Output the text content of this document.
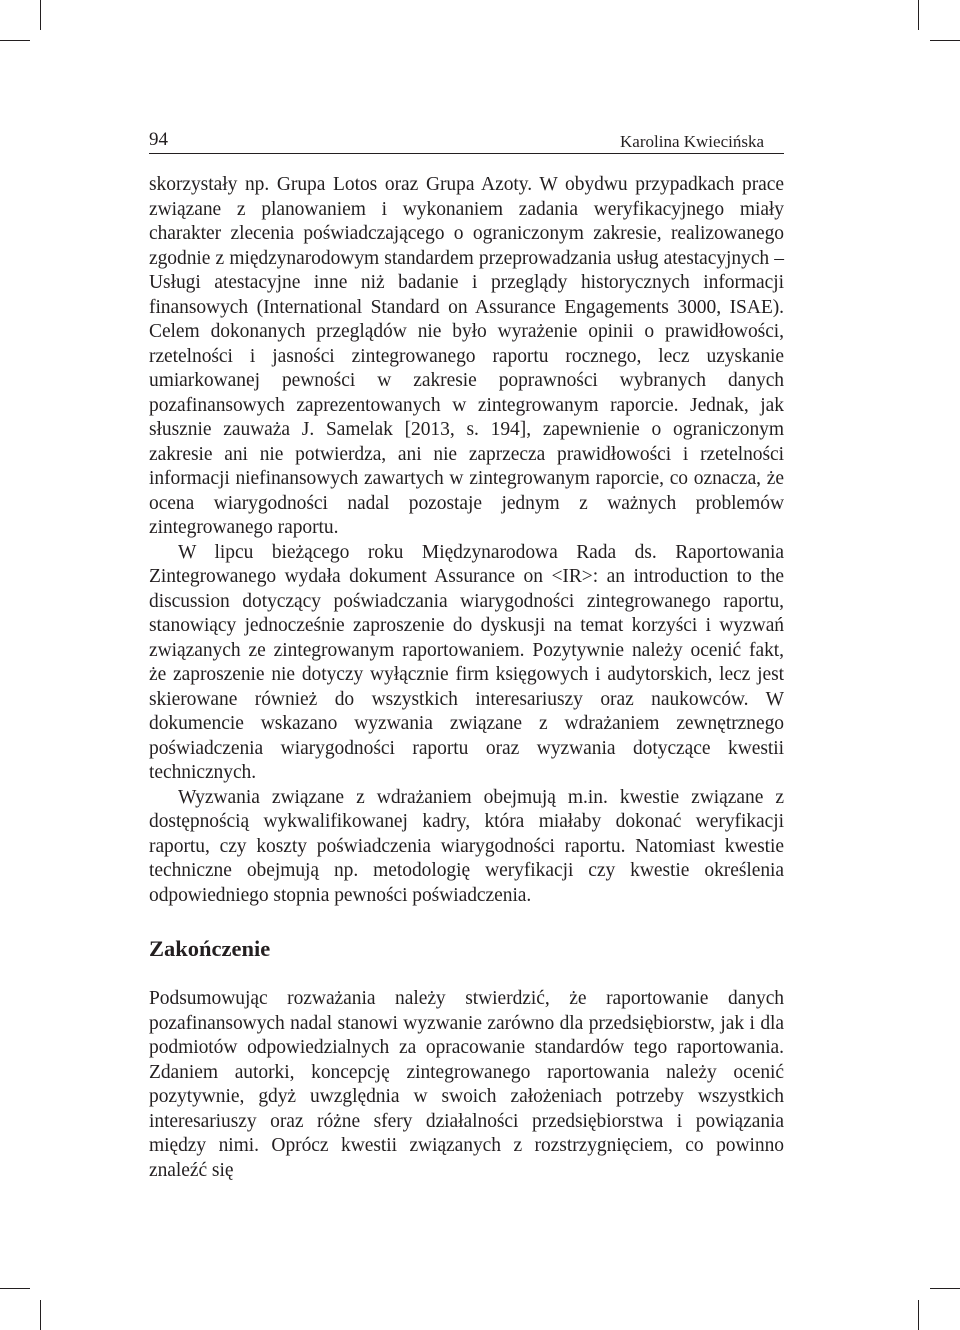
94	Karolina Kwiecińska

skorzystały np. Grupa Lotos oraz Grupa Azoty. W obydwu przypadkach prace związane z planowaniem i wykonaniem zadania weryfikacyjnego miały charakter zlecenia poświadczającego o ograniczonym zakresie, realizowanego zgodnie z międzynarodowym standardem przeprowadzania usług atestacyjnych – Usługi atestacyjne inne niż badanie i przeglądy historycznych informacji finansowych (International Standard on Assurance Engagements 3000, ISAE). Celem dokonanych przeglądów nie było wyrażenie opinii o prawidłowości, rzetelności i jasności zintegrowanego raportu rocznego, lecz uzyskanie umiarkowanej pewności w zakresie poprawności wybranych danych pozafinansowych zaprezentowanych w zintegrowanym raporcie. Jednak, jak słusznie zauważa J. Samelak [2013, s. 194], zapewnienie o ograniczonym zakresie ani nie potwierdza, ani nie zaprzecza prawidłowości i rzetelności informacji niefinansowych zawartych w zintegrowanym raporcie, co oznacza, że ocena wiarygodności nadal pozostaje jednym z ważnych problemów zintegrowanego raportu.

W lipcu bieżącego roku Międzynarodowa Rada ds. Raportowania Zintegrowanego wydała dokument Assurance on <IR>: an introduction to the discussion dotyczący poświadczania wiarygodności zintegrowanego raportu, stanowiący jednocześnie zaproszenie do dyskusji na temat korzyści i wyzwań związanych ze zintegrowanym raportowaniem. Pozytywnie należy ocenić fakt, że zaproszenie nie dotyczy wyłącznie firm księgowych i audytorskich, lecz jest skierowane również do wszystkich interesariuszy oraz naukowców. W dokumencie wskazano wyzwania związane z wdrażaniem zewnętrznego poświadczenia wiarygodności raportu oraz wyzwania dotyczące kwestii technicznych.

Wyzwania związane z wdrażaniem obejmują m.in. kwestie związane z dostępnością wykwalifikowanej kadry, która miałaby dokonać weryfikacji raportu, czy koszty poświadczenia wiarygodności raportu. Natomiast kwestie techniczne obejmują np. metodologię weryfikacji czy kwestie określenia odpowiedniego stopnia pewności poświadczenia.

Zakończenie

Podsumowując rozważania należy stwierdzić, że raportowanie danych pozafinansowych nadal stanowi wyzwanie zarówno dla przedsiębiorstw, jak i dla podmiotów odpowiedzialnych za opracowanie standardów tego raportowania. Zdaniem autorki, koncepcję zintegrowanego raportowania należy ocenić pozytywnie, gdyż uwzględnia w swoich założeniach potrzeby wszystkich interesariuszy oraz różne sfery działalności przedsiębiorstwa i powiązania między nimi. Oprócz kwestii związanych z rozstrzygnięciem, co powinno znaleźć się
